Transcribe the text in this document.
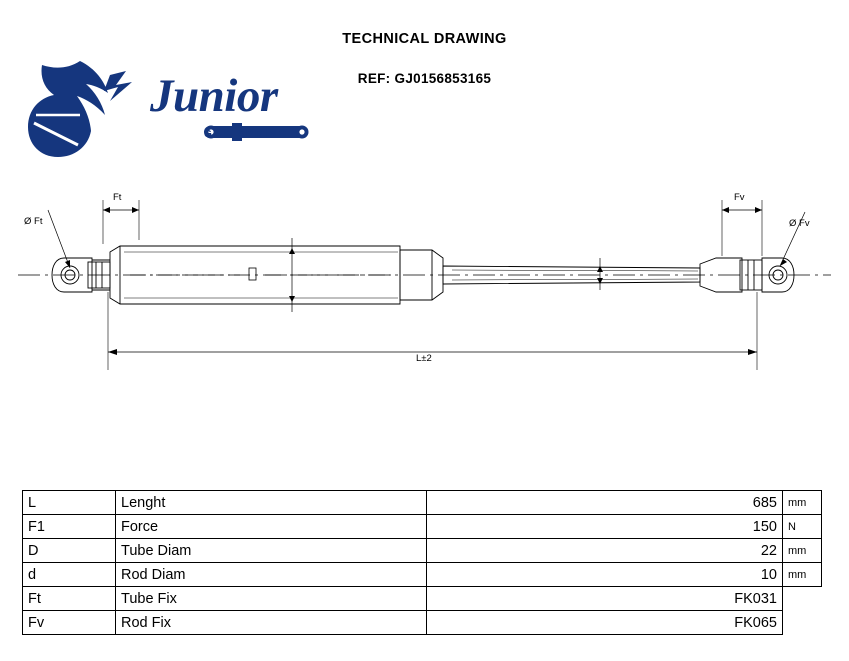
TECHNICAL DRAWING
REF: GJ0156853165
Junior
GAS SPRING
Ø Ft
Ft	Fv
Ø Fv
L±2
L	Lenght	685	mm
F1	Force	150	N
D	Tube Diam	22	mm
d	Rod Diam	10	mm
Ft	Tube Fix	FK031	
Fv	Rod Fix	FK065	
